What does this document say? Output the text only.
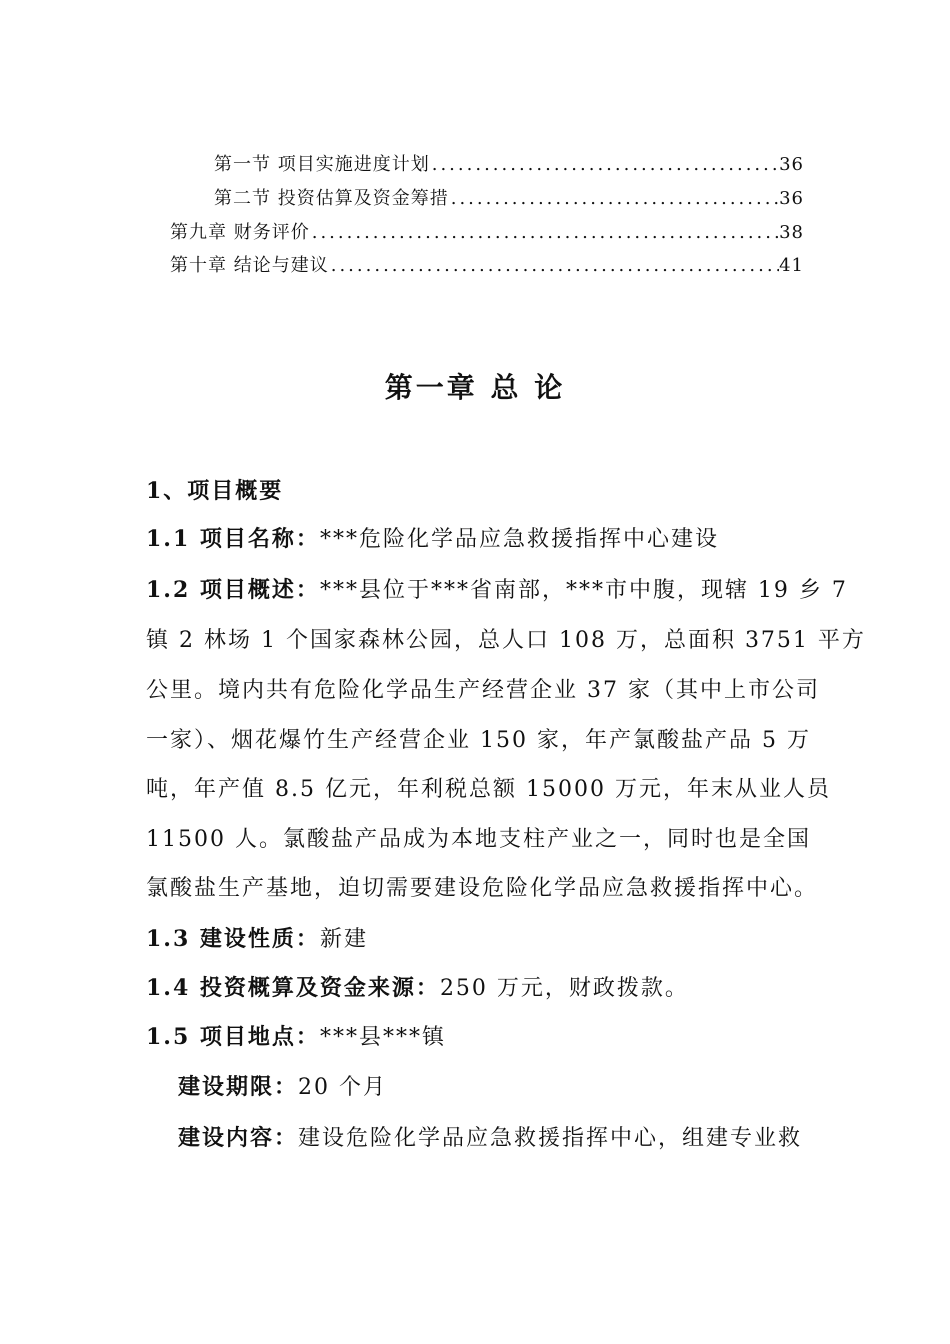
第一节 项目实施进度计划 .....	36
第二节 投资估算及资金筹措 .....	36
第九章 财务评价 .....	38
第十章 结论与建议 .....	41
第一章 总 论
1、项目概要
1.1 项目名称：***危险化学品应急救援指挥中心建设
1.2 项目概述：***县位于***省南部，***市中腹，现辖 19 乡 7
镇 2 林场 1 个国家森林公园，总人口 108 万，总面积 3751 平方
公里。境内共有危险化学品生产经营企业 37 家（其中上市公司
一家）、烟花爆竹生产经营企业 150 家，年产氯酸盐产品 5 万
吨，年产值 8.5 亿元，年利税总额 15000 万元，年末从业人员
11500 人。氯酸盐产品成为本地支柱产业之一，同时也是全国
氯酸盐生产基地，迫切需要建设危险化学品应急救援指挥中心。
1.3 建设性质：新建
1.4 投资概算及资金来源：250 万元，财政拨款。
1.5 项目地点：***县***镇
建设期限：20 个月
建设内容：建设危险化学品应急救援指挥中心，组建专业救
